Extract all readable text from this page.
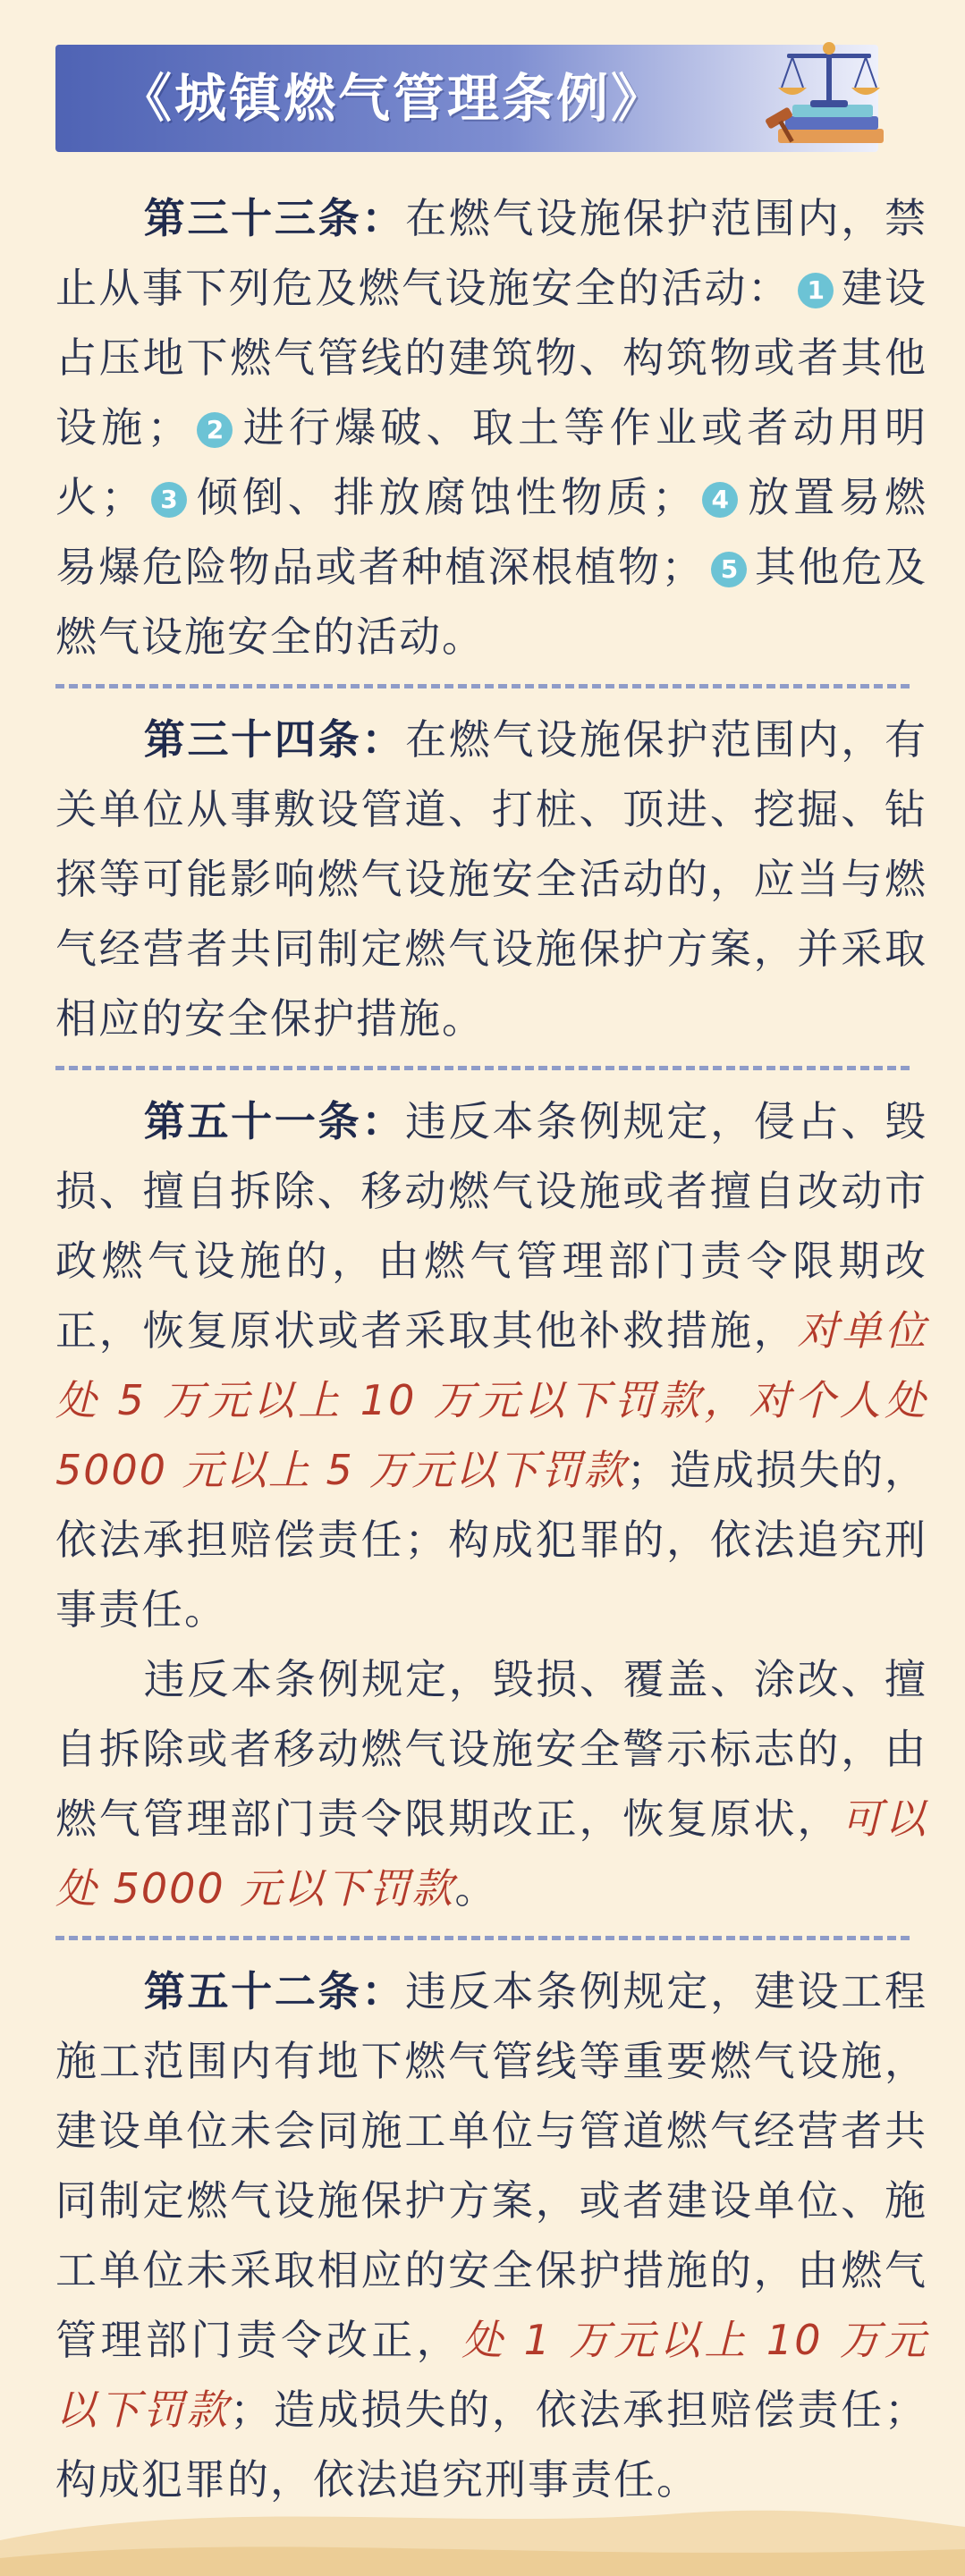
《城镇燃气管理条例》

第三十三条：在燃气设施保护范围内，禁止从事下列危及燃气设施安全的活动： 1 建设占压地下燃气管线的建筑物、构筑物或者其他设施； 2 进行爆破、取土等作业或者动用明火； 3 倾倒、排放腐蚀性物质； 4 放置易燃易爆危险物品或者种植深根植物； 5 其他危及燃气设施安全的活动。

第三十四条：在燃气设施保护范围内，有关单位从事敷设管道、打桩、顶进、挖掘、钻探等可能影响燃气设施安全活动的，应当与燃气经营者共同制定燃气设施保护方案，并采取相应的安全保护措施。

第五十一条：违反本条例规定，侵占、毁损、擅自拆除、移动燃气设施或者擅自改动市政燃气设施的，由燃气管理部门责令限期改正，恢复原状或者采取其他补救措施，对单位处 5 万元以上 10 万元以下罚款，对个人处 5000 元以上 5 万元以下罚款；造成损失的，依法承担赔偿责任；构成犯罪的，依法追究刑事责任。

违反本条例规定，毁损、覆盖、涂改、擅自拆除或者移动燃气设施安全警示标志的，由燃气管理部门责令限期改正，恢复原状，可以处 5000 元以下罚款。

第五十二条：违反本条例规定，建设工程施工范围内有地下燃气管线等重要燃气设施，建设单位未会同施工单位与管道燃气经营者共同制定燃气设施保护方案，或者建设单位、施工单位未采取相应的安全保护措施的，由燃气管理部门责令改正，处 1 万元以上 10 万元以下罚款；造成损失的，依法承担赔偿责任；构成犯罪的，依法追究刑事责任。
